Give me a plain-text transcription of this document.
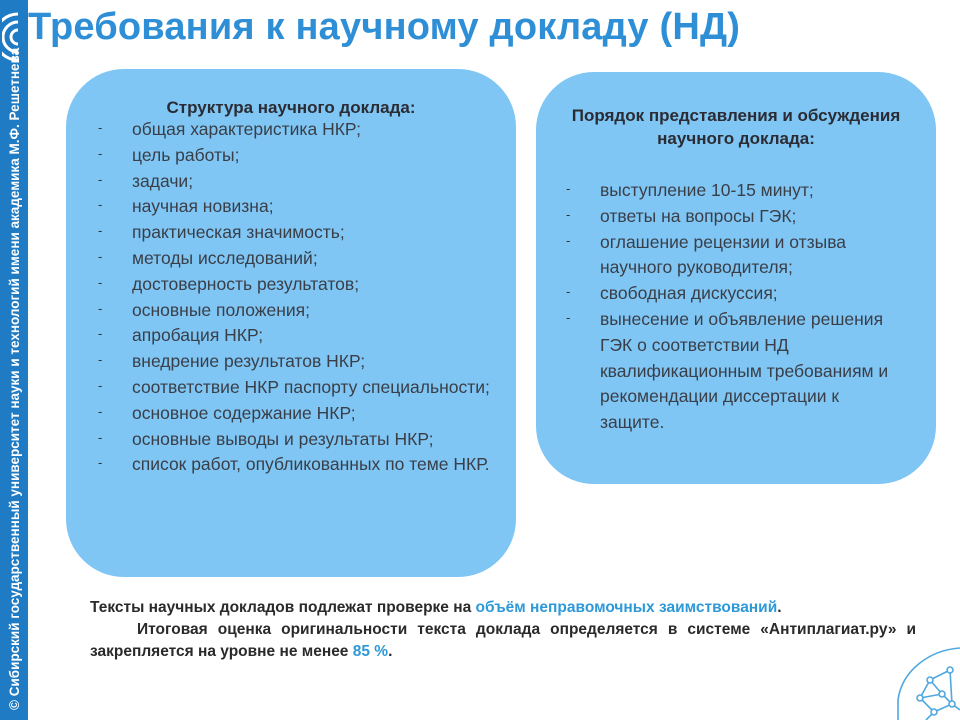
© Сибирский государственный университет науки и технологий имени академика М.Ф. Решетнева
Требования к научному докладу (НД)
Структура научного доклада:
- общая характеристика НКР;
- цель работы;
- задачи;
- научная новизна;
- практическая значимость;
- методы исследований;
- достоверность результатов;
- основные положения;
- апробация НКР;
- внедрение результатов НКР;
- соответствие НКР паспорту специальности;
- основное содержание НКР;
- основные выводы и результаты НКР;
- список работ, опубликованных по теме НКР.
Порядок представления и обсуждения научного доклада:
- выступление 10-15 минут;
- ответы на вопросы ГЭК;
- оглашение рецензии и отзыва научного руководителя;
- свободная дискуссия;
- вынесение и объявление решения ГЭК о соответствии НД квалификационным требованиям и рекомендации диссертации к защите.

Тексты научных докладов подлежат проверке на объём неправомочных заимствований.

Итоговая оценка оригинальности текста доклада определяется в системе «Антиплагиат.ру» и закрепляется на уровне не менее 85 %.
